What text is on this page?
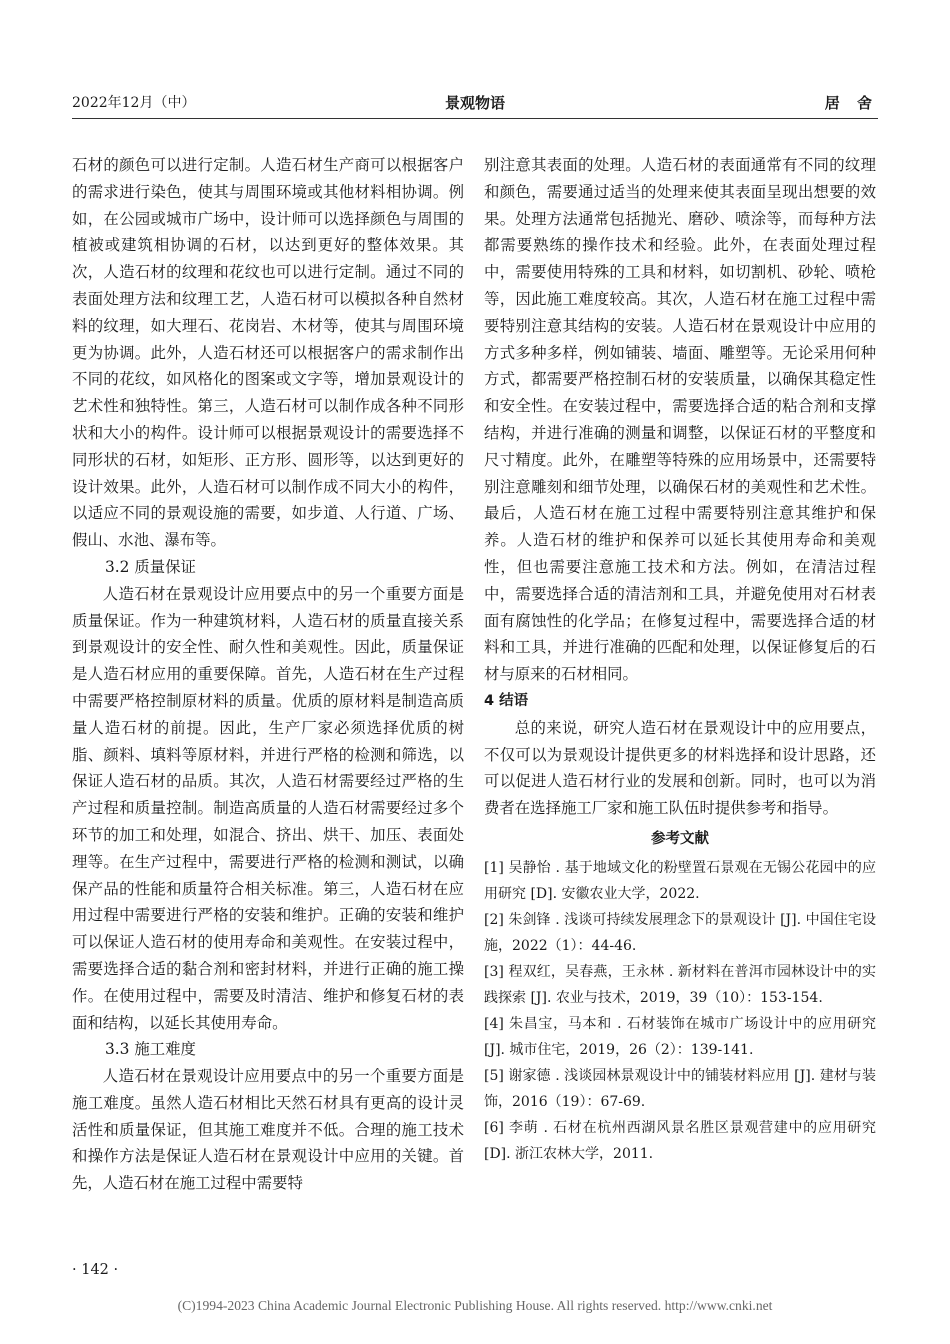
2022年12月（中）	景观物语	居 舍

石材的颜色可以进行定制。人造石材生产商可以根据客户的需求进行染色，使其与周围环境或其他材料相协调。例如，在公园或城市广场中，设计师可以选择颜色与周围的植被或建筑相协调的石材，以达到更好的整体效果。其次，人造石材的纹理和花纹也可以进行定制。通过不同的表面处理方法和纹理工艺，人造石材可以模拟各种自然材料的纹理，如大理石、花岗岩、木材等，使其与周围环境更为协调。此外，人造石材还可以根据客户的需求制作出不同的花纹，如风格化的图案或文字等，增加景观设计的艺术性和独特性。第三，人造石材可以制作成各种不同形状和大小的构件。设计师可以根据景观设计的需要选择不同形状的石材，如矩形、正方形、圆形等，以达到更好的设计效果。此外，人造石材可以制作成不同大小的构件，以适应不同的景观设施的需要，如步道、人行道、广场、假山、水池、瀑布等。

3.2 质量保证

人造石材在景观设计应用要点中的另一个重要方面是质量保证。作为一种建筑材料，人造石材的质量直接关系到景观设计的安全性、耐久性和美观性。因此，质量保证是人造石材应用的重要保障。首先，人造石材在生产过程中需要严格控制原材料的质量。优质的原材料是制造高质量人造石材的前提。因此，生产厂家必须选择优质的树脂、颜料、填料等原材料，并进行严格的检测和筛选，以保证人造石材的品质。其次，人造石材需要经过严格的生产过程和质量控制。制造高质量的人造石材需要经过多个环节的加工和处理，如混合、挤出、烘干、加压、表面处理等。在生产过程中，需要进行严格的检测和测试，以确保产品的性能和质量符合相关标准。第三，人造石材在应用过程中需要进行严格的安装和维护。正确的安装和维护可以保证人造石材的使用寿命和美观性。在安装过程中，需要选择合适的黏合剂和密封材料，并进行正确的施工操作。在使用过程中，需要及时清洁、维护和修复石材的表面和结构，以延长其使用寿命。

3.3 施工难度

人造石材在景观设计应用要点中的另一个重要方面是施工难度。虽然人造石材相比天然石材具有更高的设计灵活性和质量保证，但其施工难度并不低。合理的施工技术和操作方法是保证人造石材在景观设计中应用的关键。首先，人造石材在施工过程中需要特

别注意其表面的处理。人造石材的表面通常有不同的纹理和颜色，需要通过适当的处理来使其表面呈现出想要的效果。处理方法通常包括抛光、磨砂、喷涂等，而每种方法都需要熟练的操作技术和经验。此外，在表面处理过程中，需要使用特殊的工具和材料，如切割机、砂轮、喷枪等，因此施工难度较高。其次，人造石材在施工过程中需要特别注意其结构的安装。人造石材在景观设计中应用的方式多种多样，例如铺装、墙面、雕塑等。无论采用何种方式，都需要严格控制石材的安装质量，以确保其稳定性和安全性。在安装过程中，需要选择合适的粘合剂和支撑结构，并进行准确的测量和调整，以保证石材的平整度和尺寸精度。此外，在雕塑等特殊的应用场景中，还需要特别注意雕刻和细节处理，以确保石材的美观性和艺术性。最后，人造石材在施工过程中需要特别注意其维护和保养。人造石材的维护和保养可以延长其使用寿命和美观性，但也需要注意施工技术和方法。例如，在清洁过程中，需要选择合适的清洁剂和工具，并避免使用对石材表面有腐蚀性的化学品；在修复过程中，需要选择合适的材料和工具，并进行准确的匹配和处理，以保证修复后的石材与原来的石材相同。

4 结语

总的来说，研究人造石材在景观设计中的应用要点，不仅可以为景观设计提供更多的材料选择和设计思路，还可以促进人造石材行业的发展和创新。同时，也可以为消费者在选择施工厂家和施工队伍时提供参考和指导。

参考文献

[1] 吴静怡 . 基于地域文化的粉壁置石景观在无锡公花园中的应用研究 [D]. 安徽农业大学，2022.

[2] 朱剑锋 . 浅谈可持续发展理念下的景观设计 [J]. 中国住宅设施，2022（1）：44-46.

[3] 程双红，吴春燕，王永林 . 新材料在普洱市园林设计中的实践探索 [J]. 农业与技术，2019，39（10）：153-154.

[4] 朱昌宝，马本和 . 石材装饰在城市广场设计中的应用研究 [J]. 城市住宅，2019，26（2）：139-141.

[5] 谢家德 . 浅谈园林景观设计中的铺装材料应用 [J]. 建材与装饰，2016（19）：67-69.

[6] 李萌 . 石材在杭州西湖风景名胜区景观营建中的应用研究 [D]. 浙江农林大学，2011.

· 142 ·
(C)1994-2023 China Academic Journal Electronic Publishing House. All rights reserved. http://www.cnki.net
